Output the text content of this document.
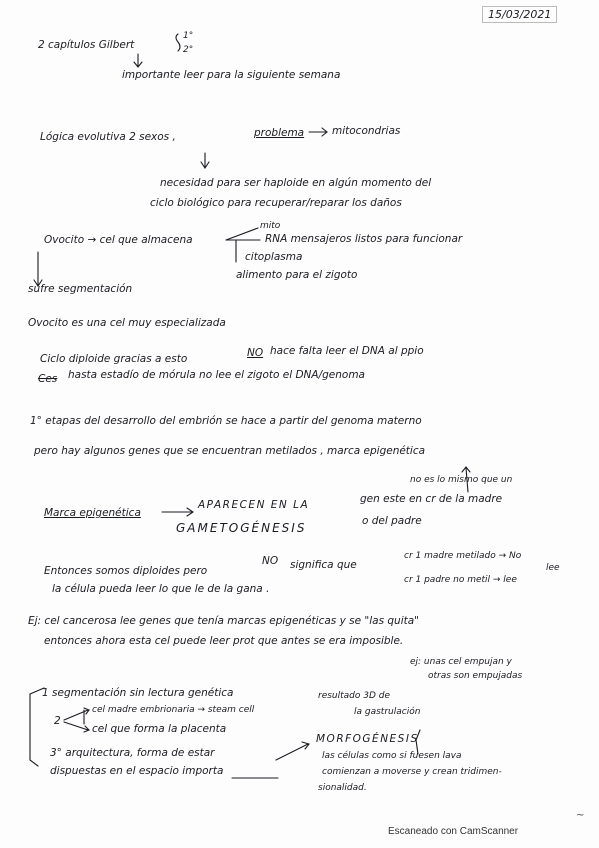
15/03/2021
2 capítulos Gilbert
1°
2°
importante leer para la siguiente semana
Lógica evolutiva 2 sexos ,	problema	mitocondrias
necesidad para ser haploide en algún momento del
ciclo biológico para recuperar/reparar los daños
Ovocito → cel que almacena
mito
RNA mensajeros listos para funcionar
citoplasma
alimento para el zigoto
sufre segmentación
Ovocito es una cel muy especializada
Ciclo diploide gracias a esto	NO hace falta leer el DNA al ppio
Ces hasta estadío de mórula no lee el zigoto el DNA/genoma
1° etapas del desarrollo del embrión se hace a partir del genoma materno
pero hay algunos genes que se encuentran metilados , marca epigenética
no es lo mismo que un
Marca epigenética
APARECEN EN LA	gen este en cr de la madre
GAMETOGÉNESIS	o del padre
Entonces somos diploides pero
NO significa que
cr 1 madre metilado → No
lee
la célula pueda leer lo que le de la gana .
cr 1 padre no metil → lee
Ej: cel cancerosa lee genes que tenía marcas epigenéticas y se "las quita"
entonces ahora esta cel puede leer prot que antes se era imposible.
ej: unas cel empujan y
otras son empujadas
1 segmentación sin lectura genética	resultado 3D de
cel madre embrionaria → steam cell	la gastrulación
2
cel que forma la placenta
MORFOGÉNESIS
3° arquitectura, forma de estar
dispuestas en el espacio importa
las células como si fuesen lava
comienzan a moverse y crean tridimen-
sionalidad.
~
Escaneado con CamScanner
